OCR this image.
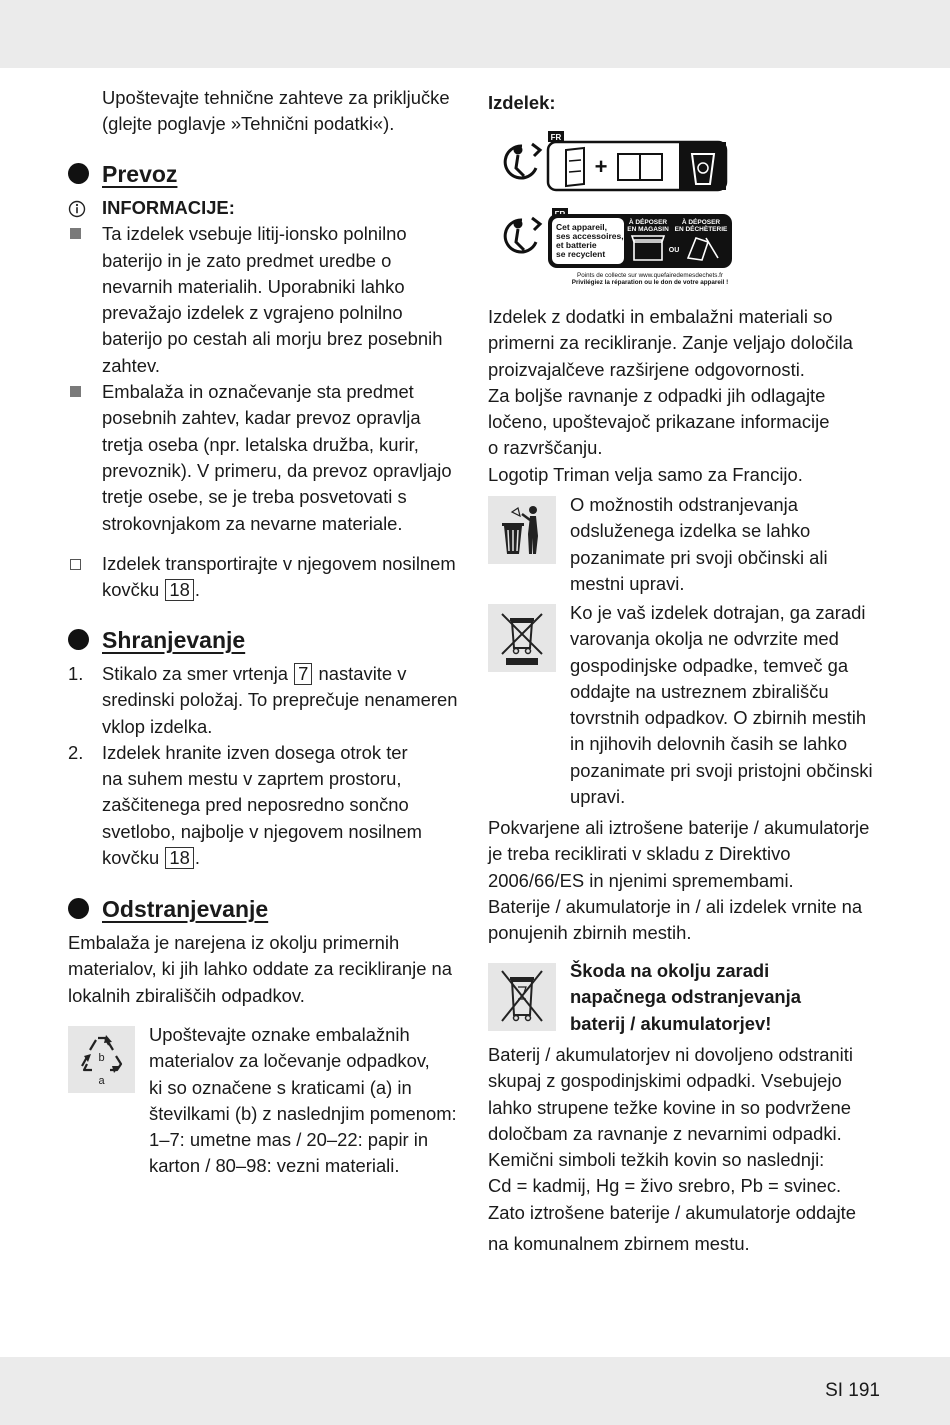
Upoštevajte tehnične zahteve za priključke
(glejte poglavje »Tehnični podatki«).
Prevoz
INFORMACIJE:
Ta izdelek vsebuje litij-ionsko polnilno
baterijo in je zato predmet uredbe o
nevarnih materialih. Uporabniki lahko
prevažajo izdelek z vgrajeno polnilno
baterijo po cestah ali morju brez posebnih
zahtev.
Embalaža in označevanje sta predmet
posebnih zahtev, kadar prevoz opravlja
tretja oseba (npr. letalska družba, kurir,
prevoznik). V primeru, da prevoz opravljajo
tretje osebe, se je treba posvetovati s
strokovnjakom za nevarne materiale.
Izdelek transportirajte v njegovem nosilnem
kovčku 18 .
Shranjevanje
1.	Stikalo za smer vrtenja 7 nastavite v
sredinski položaj. To preprečuje nenameren
vklop izdelka.
2.	Izdelek hranite izven dosega otrok ter
na suhem mestu v zaprtem prostoru,
zaščitenega pred neposredno sončno
svetlobo, najbolje v njegovem nosilnem
kovčku 18 .
Odstranjevanje
Embalaža je narejena iz okolju primernih
materialov, ki jih lahko oddate za recikliranje na
lokalnih zbirališčih odpadkov.
b
a
Upoštevajte oznake embalažnih
materialov za ločevanje odpadkov,
ki so označene s kraticami (a) in
številkami (b) z naslednjim pomenom:
1–7: umetne mas / 20–22: papir in
karton / 80–98: vezni materiali.
Izdelek:
FR
+
Cet appareil,
ses accessoires,
et batterie
se recyclent
À DÉPOSER
EN MAGASIN
À DÉPOSER
EN DÉCHÈTERIE
OU
Points de collecte sur www.quefairedemesdechets.fr
Privilégiez la réparation ou le don de votre appareil !
Izdelek z dodatki in embalažni materiali so
primerni za recikliranje. Zanje veljajo določila
proizvajalčeve razširjene odgovornosti.
Za boljše ravnanje z odpadki jih odlagajte
ločeno, upoštevajoč prikazane informacije
o razvrščanju.
Logotip Triman velja samo za Francijo.
O možnostih odstranjevanja
odsluženega izdelka se lahko
pozanimate pri svoji občinski ali
mestni upravi.
Ko je vaš izdelek dotrajan, ga zaradi
varovanja okolja ne odvrzite med
gospodinjske odpadke, temveč ga
oddajte na ustreznem zbirališču
tovrstnih odpadkov. O zbirnih mestih
in njihovih delovnih časih se lahko
pozanimate pri svoji pristojni občinski
upravi.
Pokvarjene ali iztrošene baterije / akumulatorje
je treba reciklirati v skladu z Direktivo
2006/66/ES in njenimi spremembami.
Baterije / akumulatorje in / ali izdelek vrnite na
ponujenih zbirnih mestih.
Škoda na okolju zaradi
napačnega odstranjevanja
baterij / akumulatorjev!
Baterij / akumulatorjev ni dovoljeno odstraniti
skupaj z gospodinjskimi odpadki. Vsebujejo
lahko strupene težke kovine in so podvržene
določbam za ravnanje z nevarnimi odpadki.
Kemični simboli težkih kovin so naslednji:
Cd = kadmij, Hg = živo srebro, Pb = svinec.
Zato iztrošene baterije / akumulatorje oddajte
na komunalnem zbirnem mestu.
SI 191
